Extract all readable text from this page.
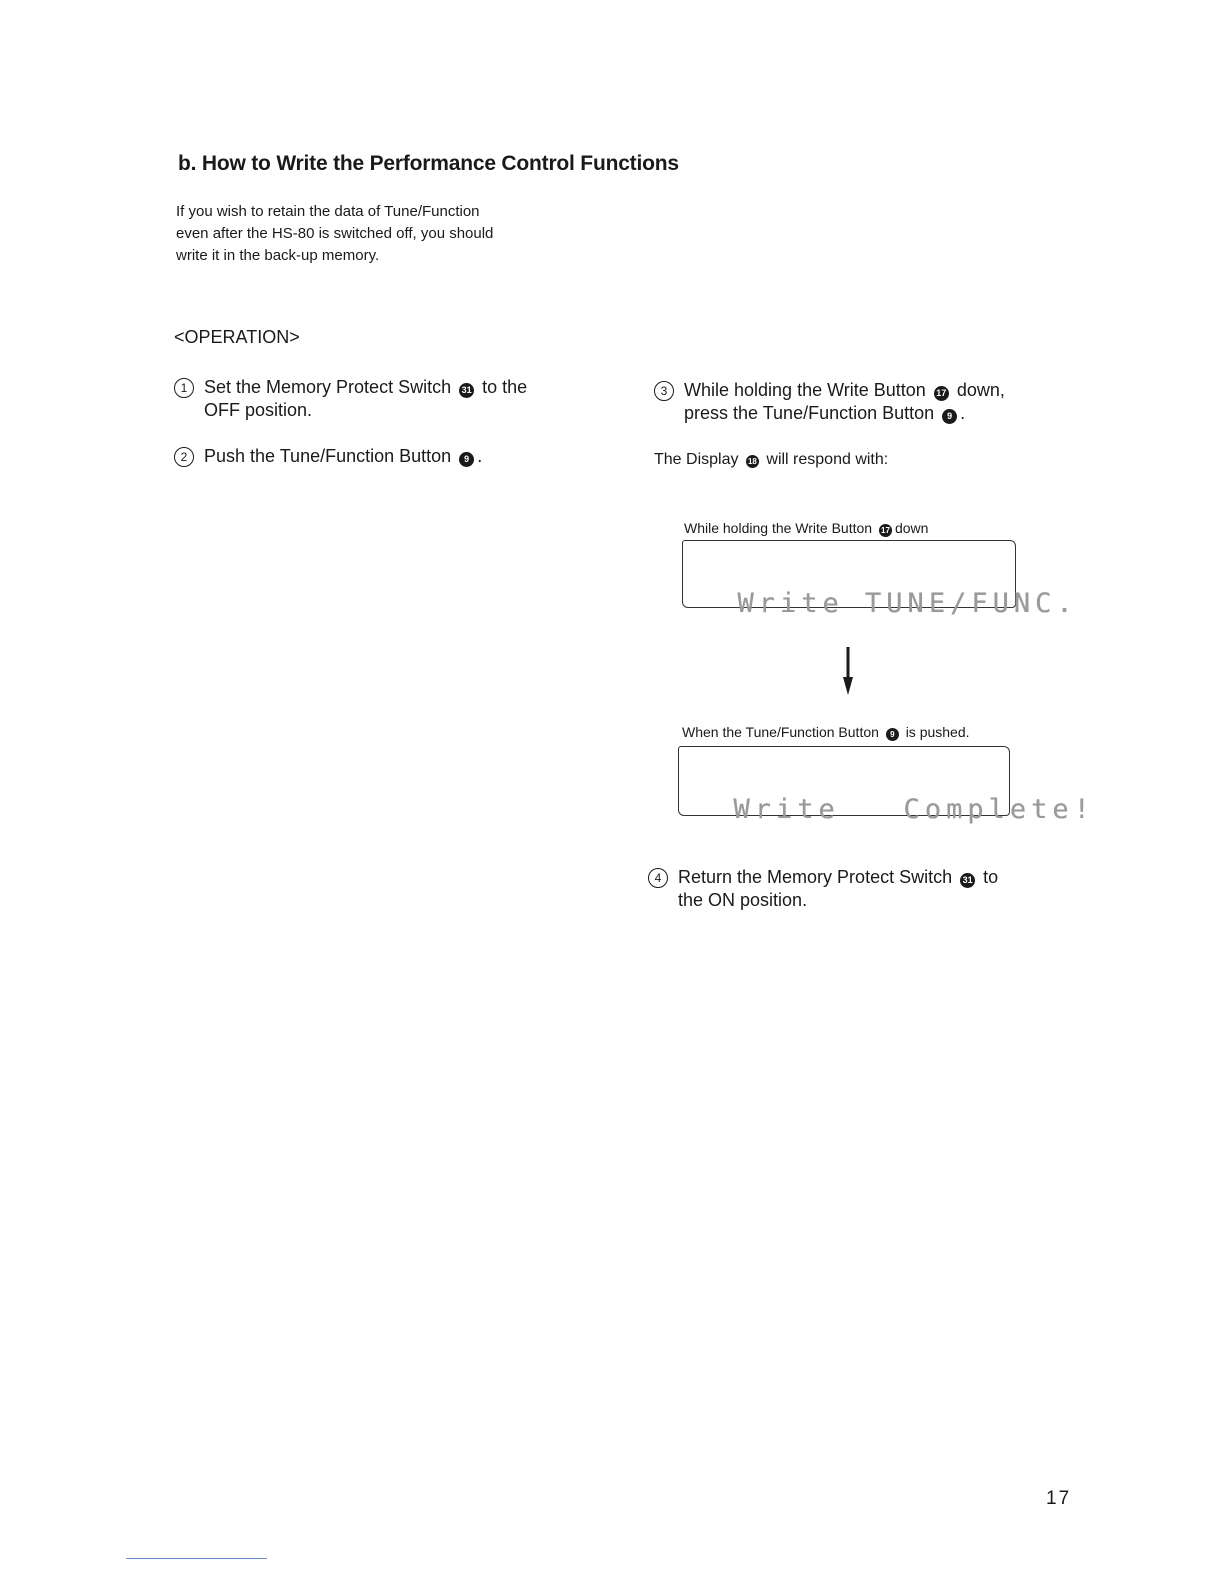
b. How to Write the Performance Control Functions
If you wish to retain the data of Tune/Function
even after the HS-80 is switched off, you should
write it in the back-up memory.
<OPERATION>
1 Set the Memory Protect Switch 31 to the
OFF position.
2 Push the Tune/Function Button 9 .
3 While holding the Write Button 17 down,
press the Tune/Function Button 9 .
The Display 18 will respond with:
While holding the Write Button 17 down

Write TUNE/FUNC.

When the Tune/Function Button 9 is pushed.

Write   Complete!

4 Return the Memory Protect Switch 31 to
the ON position.
17
